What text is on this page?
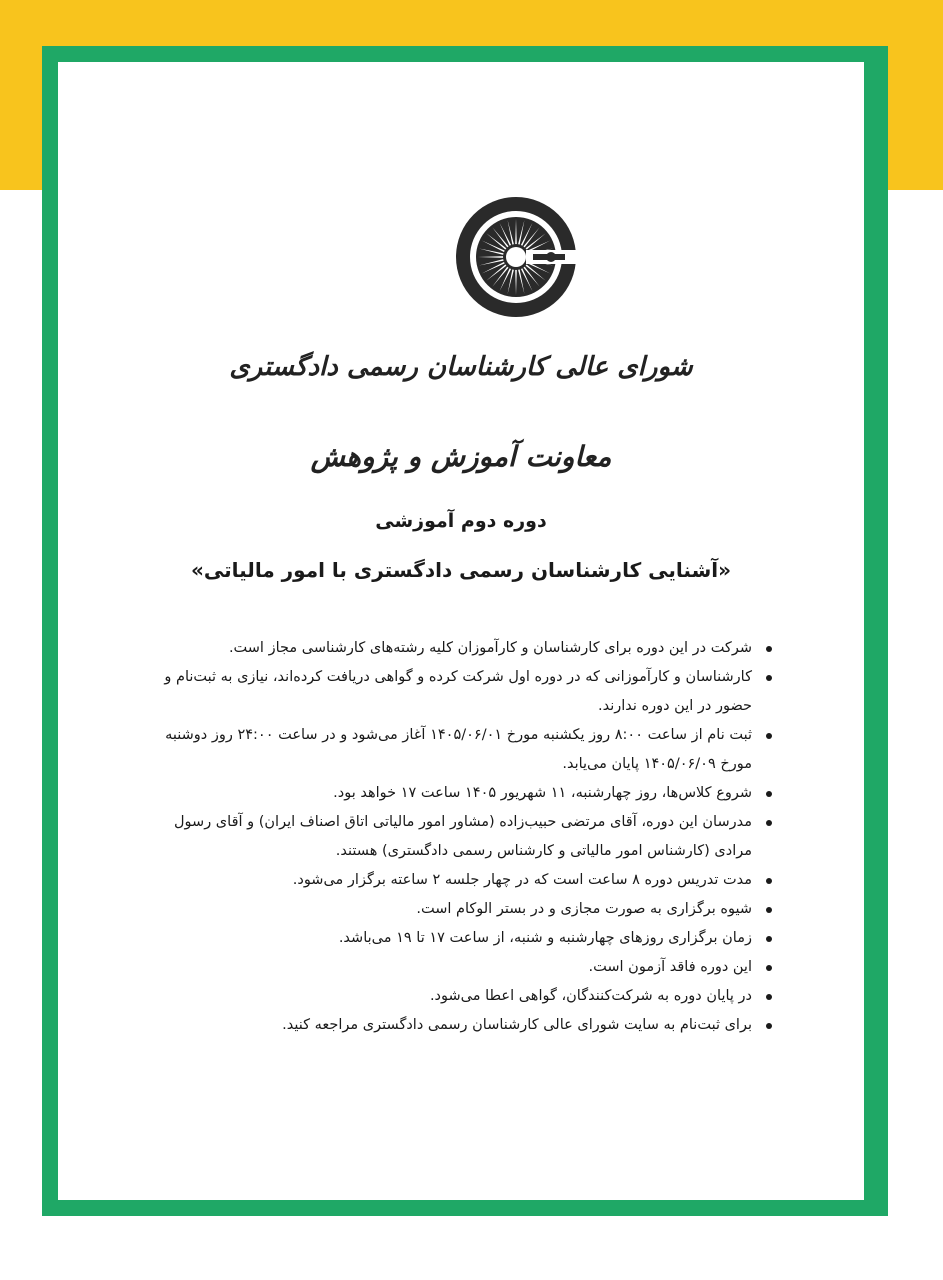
شورای عالی کارشناسان رسمی دادگستری
معاونت آموزش و پژوهش
دوره دوم آموزشی
«آشنایی کارشناسان رسمی دادگستری با امور مالیاتی»
شرکت در این دوره برای کارشناسان و کارآموزان کلیه رشته‌های کارشناسی مجاز است.
کارشناسان و کارآموزانی که در دوره اول شرکت کرده و گواهی دریافت کرده‌اند، نیازی به ثبت‌نام و حضور در این دوره ندارند.
ثبت نام از ساعت ۸:۰۰ روز یکشنبه مورخ ۱۴۰۵/۰۶/۰۱ آغاز می‌شود و در ساعت ۲۴:۰۰ روز دوشنبه مورخ ۱۴۰۵/۰۶/۰۹ پایان می‌یابد.
شروع کلاس‌ها، روز چهارشنبه، ۱۱ شهریور ۱۴۰۵ ساعت ۱۷ خواهد بود.
مدرسان این دوره، آقای مرتضی حبیب‌زاده (مشاور امور مالیاتی اتاق اصناف ایران) و آقای رسول مرادی (کارشناس امور مالیاتی و کارشناس رسمی دادگستری) هستند.
مدت تدریس دوره ۸ ساعت است که در چهار جلسه ۲ ساعته برگزار می‌شود.
شیوه برگزاری به صورت مجازی و در بستر الوکام است.
زمان برگزاری روزهای چهارشنبه و شنبه، از ساعت ۱۷ تا ۱۹ می‌باشد.
این دوره فاقد آزمون است.
در پایان دوره به شرکت‌کنندگان، گواهی اعطا می‌شود.
برای ثبت‌نام به سایت شورای عالی کارشناسان رسمی دادگستری مراجعه کنید.
